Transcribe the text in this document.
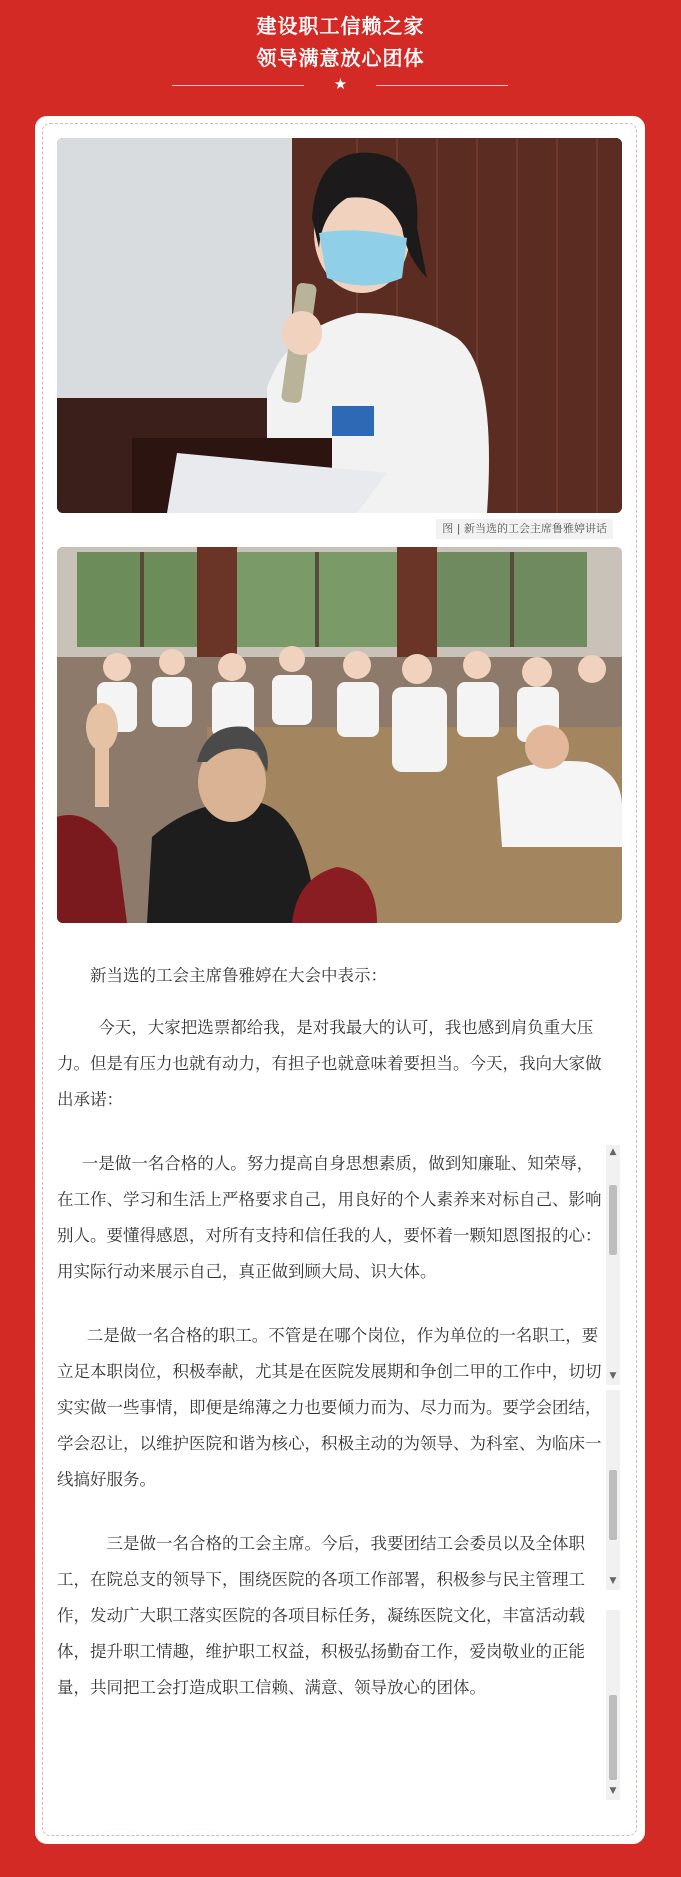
建设职工信赖之家
领导满意放心团体
★
图 | 新当选的工会主席鲁雅婷讲话
新当选的工会主席鲁雅婷在大会中表示：

今天，大家把选票都给我，是对我最大的认可，我也感到肩负重大压力。但是有压力也就有动力，有担子也就意味着要担当。今天，我向大家做出承诺：

一是做一名合格的人。努力提高自身思想素质，做到知廉耻、知荣辱，在工作、学习和生活上严格要求自己，用良好的个人素养来对标自己、影响别人。要懂得感恩，对所有支持和信任我的人，要怀着一颗知恩图报的心：用实际行动来展示自己，真正做到顾大局、识大体。

二是做一名合格的职工。不管是在哪个岗位，作为单位的一名职工，要立足本职岗位，积极奉献，尤其是在医院发展期和争创二甲的工作中，切切实实做一些事情，即便是绵薄之力也要倾力而为、尽力而为。要学会团结，学会忍让，以维护医院和谐为核心，积极主动的为领导、为科室、为临床一线搞好服务。

三是做一名合格的工会主席。今后，我要团结工会委员以及全体职工，在院总支的领导下，围绕医院的各项工作部署，积极参与民主管理工作，发动广大职工落实医院的各项目标任务，凝练医院文化，丰富活动载体，提升职工情趣，维护职工权益，积极弘扬勤奋工作，爱岗敬业的正能量，共同把工会打造成职工信赖、满意、领导放心的团体。

▲
▼
▼
▼
